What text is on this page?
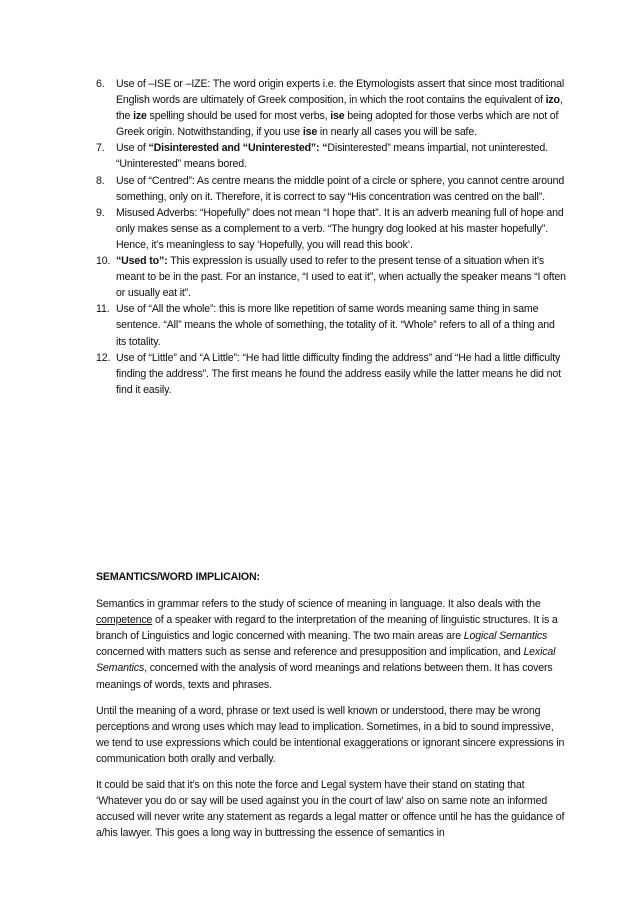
6. Use of –ISE or –IZE: The word origin experts i.e. the Etymologists assert that since most traditional English words are ultimately of Greek composition, in which the root contains the equivalent of izo, the ize spelling should be used for most verbs, ise being adopted for those verbs which are not of Greek origin. Notwithstanding, if you use ise in nearly all cases you will be safe.
7. Use of “Disinterested and “Uninterested”: “Disinterested” means impartial, not uninterested. “Uninterested” means bored.
8. Use of “Centred”: As centre means the middle point of a circle or sphere, you cannot centre around something, only on it. Therefore, it is correct to say “His concentration was centred on the ball”.
9. Misused Adverbs: “Hopefully” does not mean “I hope that”. It is an adverb meaning full of hope and only makes sense as a complement to a verb. “The hungry dog looked at his master hopefully”. Hence, it’s meaningless to say ‘Hopefully, you will read this book’.
10. “Used to”: This expression is usually used to refer to the present tense of a situation when it’s meant to be in the past. For an instance, “I used to eat it”, when actually the speaker means “I often or usually eat it”.
11. Use of “All the whole”: this is more like repetition of same words meaning same thing in same sentence. “All” means the whole of something, the totality of it. “Whole” refers to all of a thing and its totality.
12. Use of “Little” and “A Little”: “He had little difficulty finding the address” and “He had a little difficulty finding the address”. The first means he found the address easily while the latter means he did not find it easily.

SEMANTICS/WORD IMPLICAION:

Semantics in grammar refers to the study of science of meaning in language. It also deals with the competence of a speaker with regard to the interpretation of the meaning of linguistic structures. It is a branch of Linguistics and logic concerned with meaning. The two main areas are Logical Semantics concerned with matters such as sense and reference and presupposition and implication, and Lexical Semantics, concerned with the analysis of word meanings and relations between them. It has covers meanings of words, texts and phrases.

Until the meaning of a word, phrase or text used is well known or understood, there may be wrong perceptions and wrong uses which may lead to implication. Sometimes, in a bid to sound impressive, we tend to use expressions which could be intentional exaggerations or ignorant sincere expressions in communication both orally and verbally.

It could be said that it’s on this note the force and Legal system have their stand on stating that ‘Whatever you do or say will be used against you in the court of law’ also on same note an informed accused will never write any statement as regards a legal matter or offence until he has the guidance of a/his lawyer. This goes a long way in buttressing the essence of semantics in
